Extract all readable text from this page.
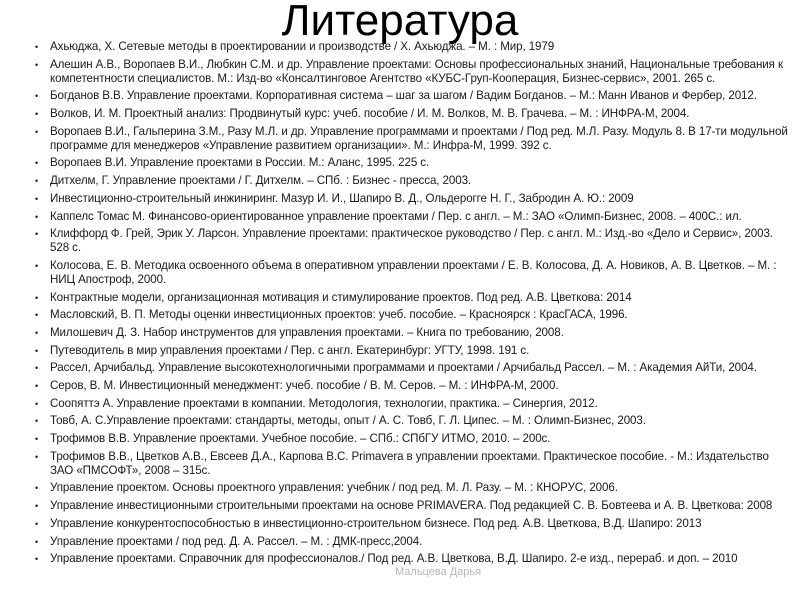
Литература
• Ахьюджа, Х. Сетевые методы в проектировании и производстве / Х. Ахьюджа. – М. : Мир, 1979
• Алешин А.В., Воропаев В.И., Любкин С.М. и др. Управление проектами: Основы профессиональных знаний, Национальные требования к компетентности специалистов. М.: Изд-во «Консалтинговое Агентство «КУБС-Груп-Кооперация, Бизнес-сервис», 2001. 265 с.
• Богданов В.В. Управление проектами. Корпоративная система – шаг за шагом / Вадим Богданов. – М.: Манн Иванов и Фербер, 2012.
• Волков, И. М. Проектный анализ: Продвинутый курс: учеб. пособие / И. М. Волков, М. В. Грачева. – М. : ИНФРА-М, 2004.
• Воропаев В.И., Гальперина З.М., Разу М.Л. и др. Управление программами и проектами / Под ред. М.Л. Разу. Модуль 8. В 17-ти модульной программе для менеджеров «Управление развитием организации». М.: Инфра-М, 1999. 392 с.
• Воропаев В.И. Управление проектами в России. М.: Аланс, 1995. 225 с.
• Дитхелм, Г. Управление проектами / Г. Дитхелм. – СПб. : Бизнес - пресса, 2003.
• Инвестиционно-строительный инжиниринг. Мазур И. И., Шапиро В. Д., Ольдерогге Н. Г., Забродин А. Ю.: 2009
• Каппелс Томас М. Финансово-ориентированное управление проектами / Пер. с англ. – М.: ЗАО «Олимп-Бизнес, 2008. – 400С.: ил.
• Клиффорд Ф. Грей, Эрик У. Ларсон. Управление проектами: практическое руководство / Пер. с англ. М.: Изд.-во «Дело и Сервис», 2003. 528 с.
• Колосова, Е. В. Методика освоенного объема в оперативном управлении проектами / Е. В. Колосова, Д. А. Новиков, А. В. Цветков. – М. : НИЦ Апостроф, 2000.
• Контрактные модели, организационная мотивация и стимулирование проектов. Под ред. А.В. Цветкова: 2014
• Масловский, В. П. Методы оценки инвестиционных проектов: учеб. пособие. – Красноярск : КрасГАСА, 1996.
• Милошевич Д. З. Набор инструментов для управления проектами. – Книга по требованию, 2008.
• Путеводитель в мир управления проектами / Пер. с англ. Екатеринбург: УГТУ, 1998. 191 с.
• Рассел, Арчибальд. Управление высокотехнологичными программами и проектами / Арчибальд Рассел. – М. : Академия АйТи, 2004.
• Серов, В. М. Инвестиционный менеджмент: учеб. пособие / В. М. Серов. – М. : ИНФРА-М, 2000.
• Cooпяттэ А. Управление проектами в компании. Методология, технологии, практика. – Синергия, 2012.
• Товб, А. С.Управление проектами: стандарты, методы, опыт / А. С. Товб, Г. Л. Ципес. – М. : Олимп-Бизнес, 2003.
• Трофимов В.В. Управление проектами. Учебное пособие. – СПб.: СПбГУ ИТМО, 2010. – 200с.
• Трофимов В.В., Цветков А.В., Евсеев Д.А., Карпова В.С. Primavera в управлении проектами. Практическое пособие. - М.: Издательство ЗАО «ПМСОФТ», 2008 – 315с.
• Управление проектом. Основы проектного управления: учебник / под ред. М. Л. Разу. – М. : КНОРУС, 2006.
• Управление инвестиционными строительными проектами на основе PRIMAVERA. Под редакцией С. В. Бовтеева и А. В. Цветкова: 2008
• Управление конкурентоспособностью в инвестиционно-строительном бизнесе. Под ред. А.В. Цветкова, В.Д. Шапиро: 2013
• Управление проектами / под ред. Д. А. Рассел. – М. : ДМК-пресс,2004.
• Управление проектами. Справочник для профессионалов./ Под ред. А.В. Цветкова, В.Д. Шапиро. 2-е изд., перераб. и доп. – 2010
Мальцева Дарья
